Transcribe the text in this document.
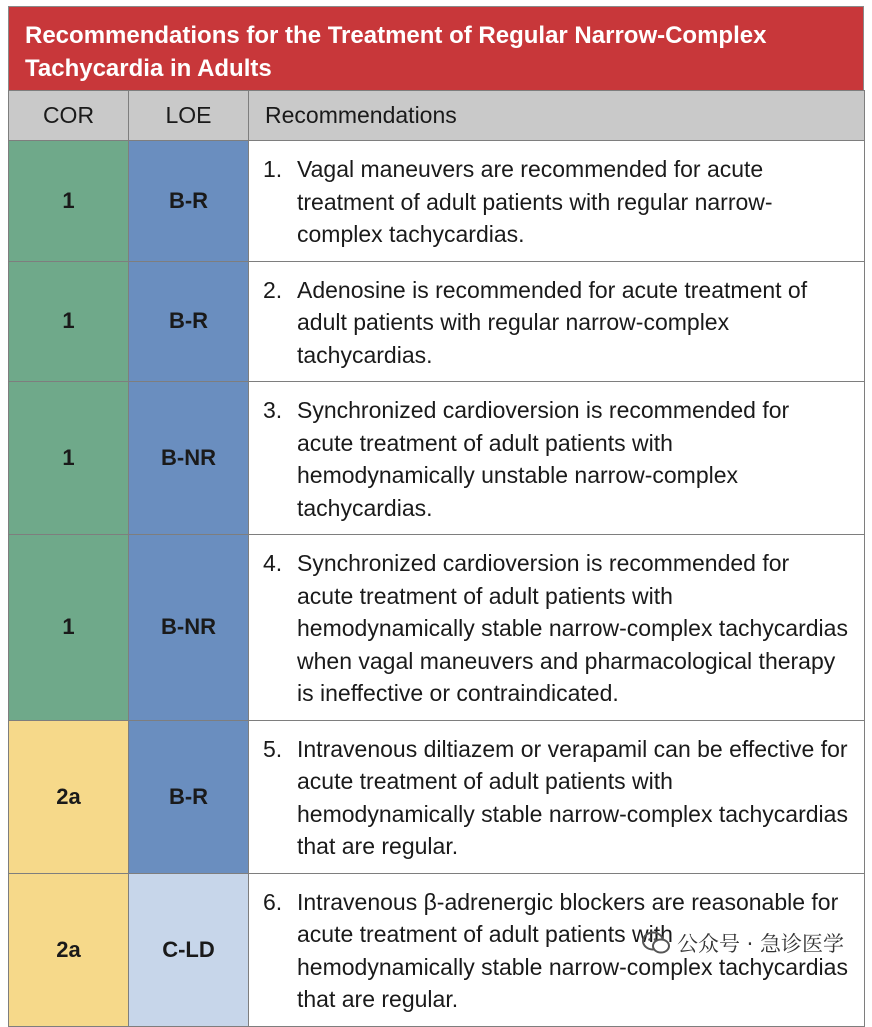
Recommendations for the Treatment of Regular Narrow-Complex Tachycardia in Adults
COR	LOE	Recommendations
1	B-R	1. Vagal maneuvers are recommended for acute treatment of adult patients with regular narrow-complex tachycardias.

1	B-R	2. Adenosine is recommended for acute treatment of adult patients with regular narrow-complex tachycardias.

1	B-NR	3. Synchronized cardioversion is recommended for acute treatment of adult patients with hemodynamically unstable narrow-complex tachycardias.

1	B-NR	4. Synchronized cardioversion is recommended for acute treatment of adult patients with hemodynamically stable narrow-complex tachycardias when vagal maneuvers and pharmacological therapy is ineffective or contraindicated.

2a	B-R	5. Intravenous diltiazem or verapamil can be effective for acute treatment of adult patients with hemodynamically stable narrow-complex tachycardias that are regular.

2a	C-LD	6. Intravenous β-adrenergic blockers are reasonable for acute treatment of adult patients with hemodynamically stable narrow-complex tachycardias that are regular.	公众号 · 急诊医学
